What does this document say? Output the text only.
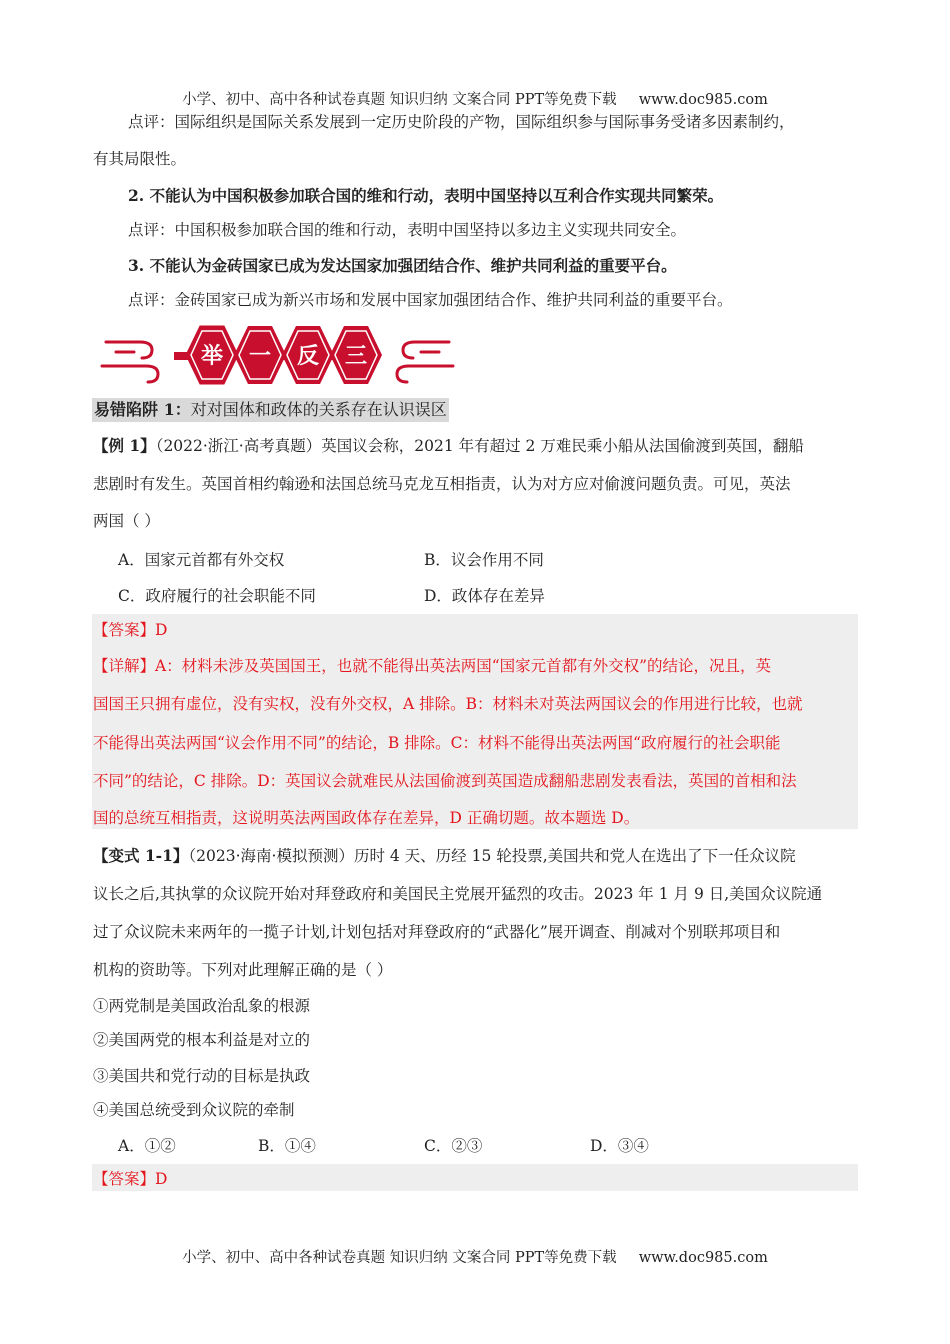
小学、初中、高中各种试卷真题 知识归纳 文案合同 PPT等免费下载 www.doc985.com
点评：国际组织是国际关系发展到一定历史阶段的产物，国际组织参与国际事务受诸多因素制约，
有其局限性。
2. 不能认为中国积极参加联合国的维和行动，表明中国坚持以互利合作实现共同繁荣。
点评：中国积极参加联合国的维和行动，表明中国坚持以多边主义实现共同安全。
3. 不能认为金砖国家已成为发达国家加强团结合作、维护共同利益的重要平台。
点评：金砖国家已成为新兴市场和发展中国家加强团结合作、维护共同利益的重要平台。
举 一 反 三
易错陷阱 1：对对国体和政体的关系存在认识误区
【例 1】（2022·浙江·高考真题）英国议会称，2021 年有超过 2 万难民乘小船从法国偷渡到英国，翻船
悲剧时有发生。英国首相约翰逊和法国总统马克龙互相指责，认为对方应对偷渡问题负责。可见，英法
两国（ ）
A．国家元首都有外交权	B．议会作用不同
C．政府履行的社会职能不同	D．政体存在差异
【答案】D
【详解】A：材料未涉及英国国王，也就不能得出英法两国“国家元首都有外交权”的结论，况且，英
国国王只拥有虚位，没有实权，没有外交权，A 排除。B：材料未对英法两国议会的作用进行比较，也就
不能得出英法两国“议会作用不同”的结论，B 排除。C：材料不能得出英法两国“政府履行的社会职能
不同”的结论，C 排除。D：英国议会就难民从法国偷渡到英国造成翻船悲剧发表看法，英国的首相和法
国的总统互相指责，这说明英法两国政体存在差异，D 正确切题。故本题选 D。
【变式 1-1】（2023·海南·模拟预测）历时 4 天、历经 15 轮投票,美国共和党人在选出了下一任众议院
议长之后,其执掌的众议院开始对拜登政府和美国民主党展开猛烈的攻击。2023 年 1 月 9 日,美国众议院通
过了众议院未来两年的一揽子计划,计划包括对拜登政府的“武器化”展开调查、削减对个别联邦项目和
机构的资助等。下列对此理解正确的是（ ）
①两党制是美国政治乱象的根源
②美国两党的根本利益是对立的
③美国共和党行动的目标是执政
④美国总统受到众议院的牵制
A．①②	B．①④	C．②③	D．③④
【答案】D
小学、初中、高中各种试卷真题 知识归纳 文案合同 PPT等免费下载 www.doc985.com
